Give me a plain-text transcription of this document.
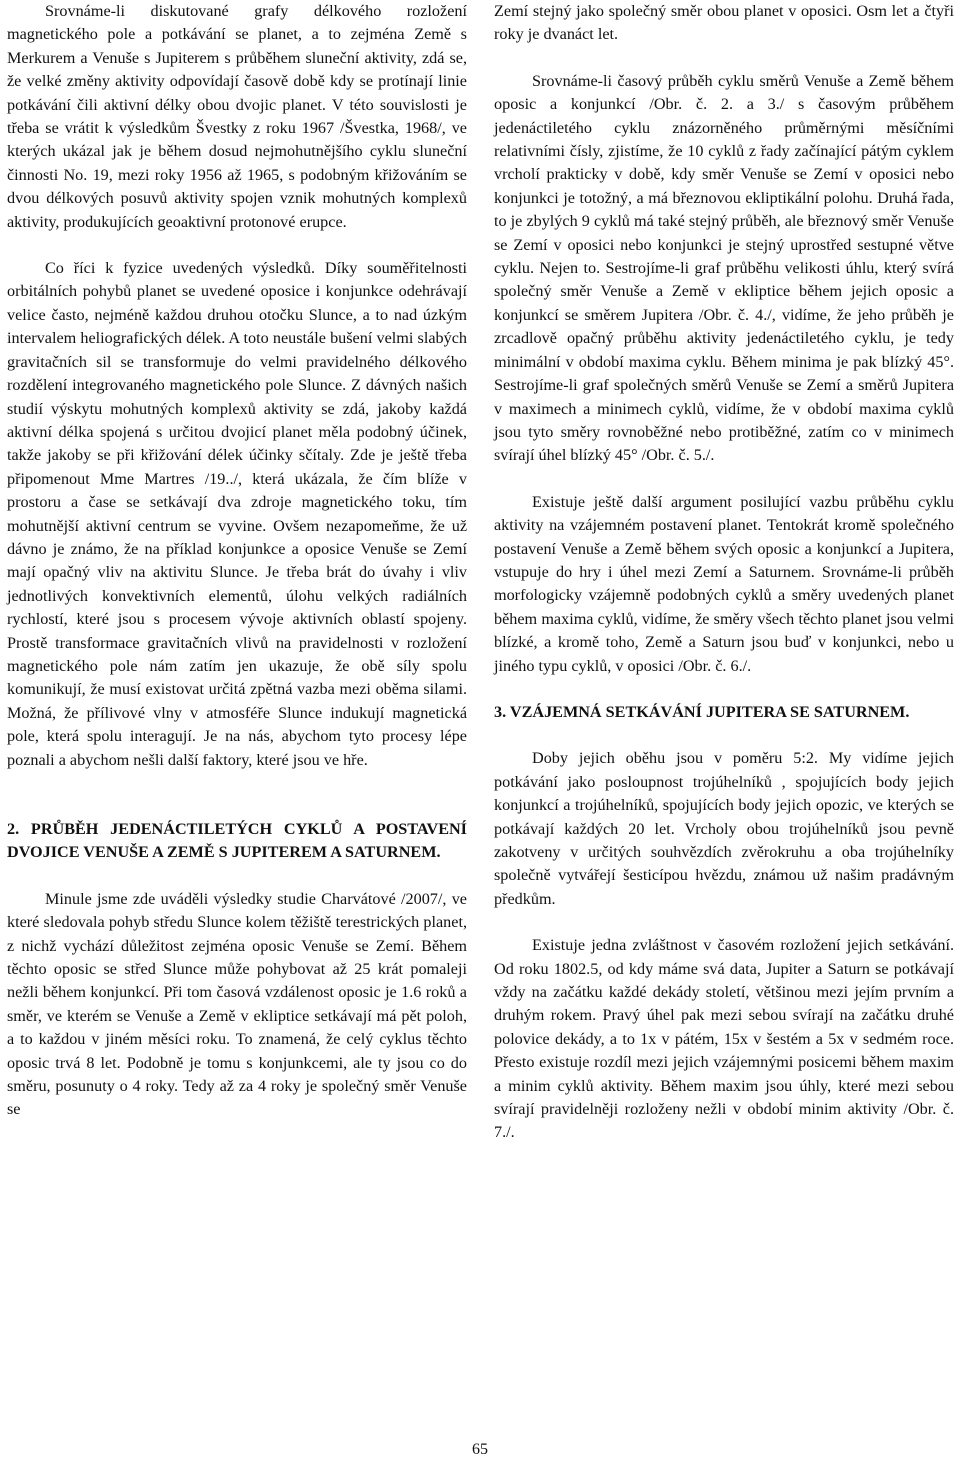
Srovnáme-li diskutované grafy délkového rozložení magnetického pole a potkávání se planet, a to zejména Země s Merkurem a Venuše s Jupiterem s průběhem sluneční aktivity, zdá se, že velké změny aktivity odpovídají časově době kdy se protínají linie potkávání čili aktivní délky obou dvojic planet. V této souvislosti je třeba se vrátit k výsledkům Švestky z roku 1967 /Švestka, 1968/, ve kterých ukázal jak je během dosud nejmohutnějšího cyklu sluneční činnosti No. 19, mezi roky 1956 až 1965, s podobným křižováním se dvou délkových posuvů aktivity spojen vznik mohutných komplexů aktivity, produkujících geoaktivní protonové erupce.

Co říci k fyzice uvedených výsledků. Díky souměřitelnosti orbitálních pohybů planet se uvedené oposice i konjunkce odehrávají velice často, nejméně každou druhou otočku Slunce, a to nad úzkým intervalem heliografických délek. A toto neustále bušení velmi slabých gravitačních sil se transformuje do velmi pravidelného délkového rozdělení integrovaného magnetického pole Slunce. Z dávných našich studií výskytu mohutných komplexů aktivity se zdá, jakoby každá aktivní délka spojená s určitou dvojicí planet měla podobný účinek, takže jakoby se při křižování délek účinky sčítaly. Zde je ještě třeba připomenout Mme Martres /19../, která ukázala, že čím blíže v prostoru a čase se setkávají dva zdroje magnetického toku, tím mohutnější aktivní centrum se vyvine. Ovšem nezapomeňme, že už dávno je známo, že na příklad konjunkce a oposice Venuše se Zemí mají opačný vliv na aktivitu Slunce. Je třeba brát do úvahy i vliv jednotlivých konvektivních elementů, úlohu velkých radiálních rychlostí, které jsou s procesem vývoje aktivních oblastí spojeny. Prostě transformace gravitačních vlivů na pravidelnosti v rozložení magnetického pole nám zatím jen ukazuje, že obě síly spolu komunikují, že musí existovat určitá zpětná vazba mezi oběma silami. Možná, že přílivové vlny v atmosféře Slunce indukují magnetická pole, která spolu interagují. Je na nás, abychom tyto procesy lépe poznali a abychom nešli další faktory, které jsou ve hře.

2. PRŮBĚH JEDENÁCTILETÝCH CYKLŮ A POSTAVENÍ DVOJICE VENUŠE A ZEMĚ S JUPITEREM A SATURNEM.

Minule jsme zde uváděli výsledky studie Charvátové /2007/, ve které sledovala pohyb středu Slunce kolem těžiště terestrických planet, z nichž vychází důležitost zejména oposic Venuše se Zemí. Během těchto oposic se střed Slunce může pohybovat až 25 krát pomaleji nežli během konjunkcí. Při tom časová vzdálenost oposic je 1.6 roků a směr, ve kterém se Venuše a Země v ekliptice setkávají má pět poloh, a to každou v jiném měsíci roku. To znamená, že celý cyklus těchto oposic trvá 8 let. Podobně je tomu s konjunkcemi, ale ty jsou co do směru, posunuty o 4 roky. Tedy až za 4 roky je společný směr Venuše se

Zemí stejný jako společný směr obou planet v oposici. Osm let a čtyři roky je dvanáct let.

Srovnáme-li časový průběh cyklu směrů Venuše a Země během oposic a konjunkcí /Obr. č. 2. a 3./ s časovým průběhem jedenáctiletého cyklu znázorněného průměrnými měsíčními relativními čísly, zjistíme, že 10 cyklů z řady začínající pátým cyklem vrcholí prakticky v době, kdy směr Venuše se Zemí v oposici nebo konjunkci je totožný, a má březnovou ekliptikální polohu. Druhá řada, to je zbylých 9 cyklů má také stejný průběh, ale březnový směr Venuše se Zemí v oposici nebo konjunkci je stejný uprostřed sestupné větve cyklu. Nejen to. Sestrojíme-li graf průběhu velikosti úhlu, který svírá společný směr Venuše a Země v ekliptice během jejich oposic a konjunkcí se směrem Jupitera /Obr. č. 4./, vidíme, že jeho průběh je zrcadlově opačný průběhu aktivity jedenáctiletého cyklu, je tedy minimální v období maxima cyklu. Během minima je pak blízký 45°. Sestrojíme-li graf společných směrů Venuše se Zemí a směrů Jupitera v maximech a minimech cyklů, vidíme, že v období maxima cyklů jsou tyto směry rovnoběžné nebo protiběžné, zatím co v minimech svírají úhel blízký 45° /Obr. č. 5./.

Existuje ještě další argument posilující vazbu průběhu cyklu aktivity na vzájemném postavení planet. Tentokrát kromě společného postavení Venuše a Země během svých oposic a konjunkcí a Jupitera, vstupuje do hry i úhel mezi Zemí a Saturnem. Srovnáme-li průběh morfologicky vzájemně podobných cyklů a směry uvedených planet během maxima cyklů, vidíme, že směry všech těchto planet jsou velmi blízké, a kromě toho, Země a Saturn jsou buď v konjunkci, nebo u jiného typu cyklů, v oposici /Obr. č. 6./.

3. VZÁJEMNÁ SETKÁVÁNÍ JUPITERA SE SATURNEM.

Doby jejich oběhu jsou v poměru 5:2. My vidíme jejich potkávání jako posloupnost trojúhelníků , spojujících body jejich konjunkcí a trojúhelníků, spojujících body jejich opozic, ve kterých se potkávají každých 20 let. Vrcholy obou trojúhelníků jsou pevně zakotveny v určitých souhvězdích zvěrokruhu a oba trojúhelníky společně vytvářejí šesticípou hvězdu, známou už našim pradávným předkům.

Existuje jedna zvláštnost v časovém rozložení jejich setkávání. Od roku 1802.5, od kdy máme svá data, Jupiter a Saturn se potkávají vždy na začátku každé dekády století, většinou mezi jejím prvním a druhým rokem. Pravý úhel pak mezi sebou svírají na začátku druhé polovice dekády, a to 1x v pátém, 15x v šestém a 5x v sedmém roce. Přesto existuje rozdíl mezi jejich vzájemnými posicemi během maxim a minim cyklů aktivity. Během maxim jsou úhly, které mezi sebou svírají pravidelněji rozloženy nežli v období minim aktivity /Obr. č. 7./.

65
